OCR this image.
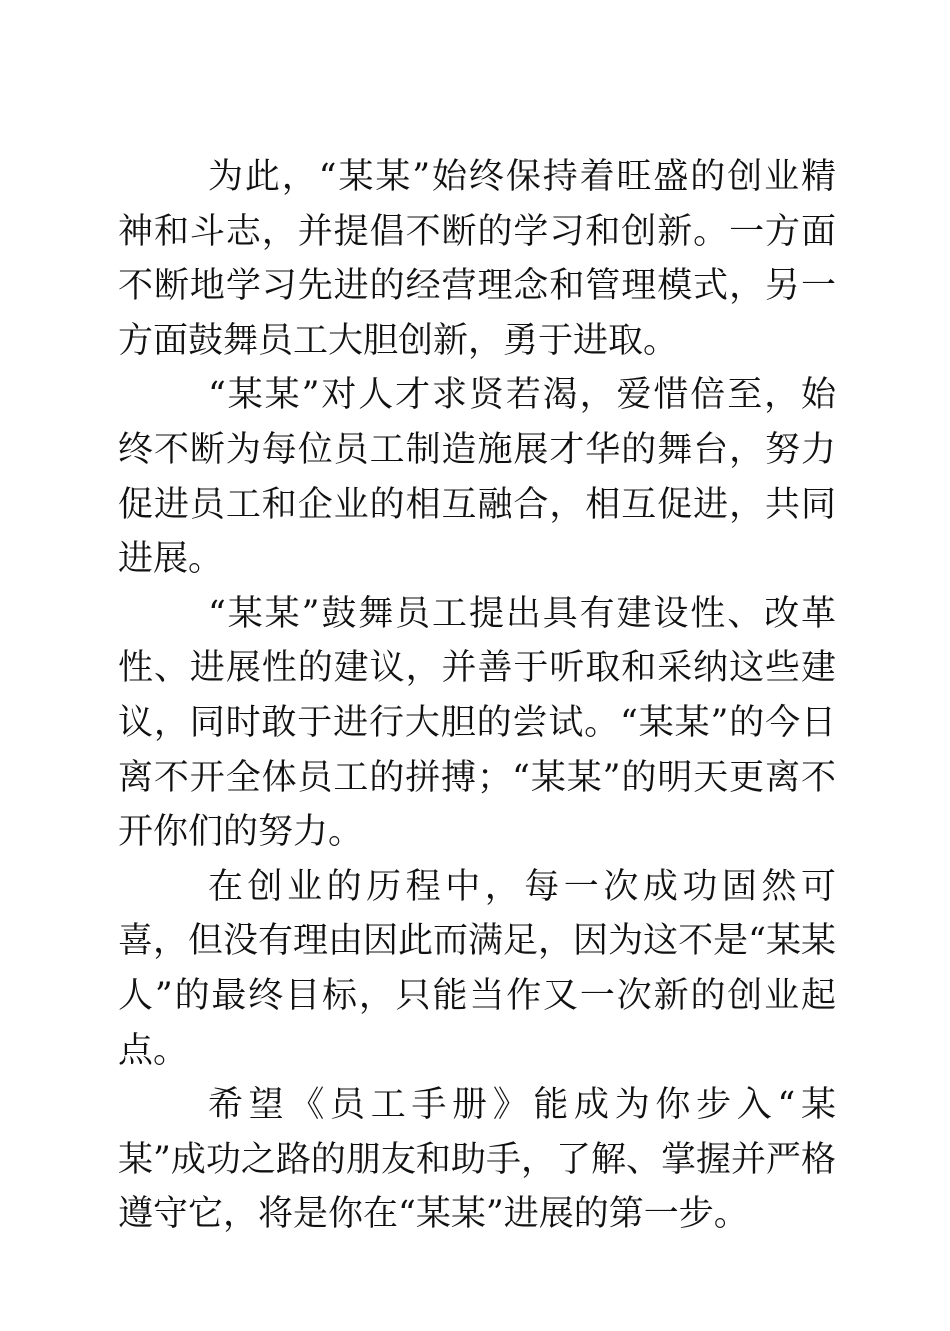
为此，“某某”始终保持着旺盛的创业精神和斗志，并提倡不断的学习和创新。一方面不断地学习先进的经营理念和管理模式，另一方面鼓舞员工大胆创新，勇于进取。

“某某”对人才求贤若渴，爱惜倍至，始终不断为每位员工制造施展才华的舞台，努力促进员工和企业的相互融合，相互促进，共同进展。

“某某”鼓舞员工提出具有建设性、改革性、进展性的建议，并善于听取和采纳这些建议，同时敢于进行大胆的尝试。“某某”的今日离不开全体员工的拼搏；“某某”的明天更离不开你们的努力。

在创业的历程中，每一次成功固然可喜，但没有理由因此而满足，因为这不是“某某人”的最终目标，只能当作又一次新的创业起点。

希望《员工手册》能成为你步入“某某”成功之路的朋友和助手，了解、掌握并严格遵守它，将是你在“某某”进展的第一步。
